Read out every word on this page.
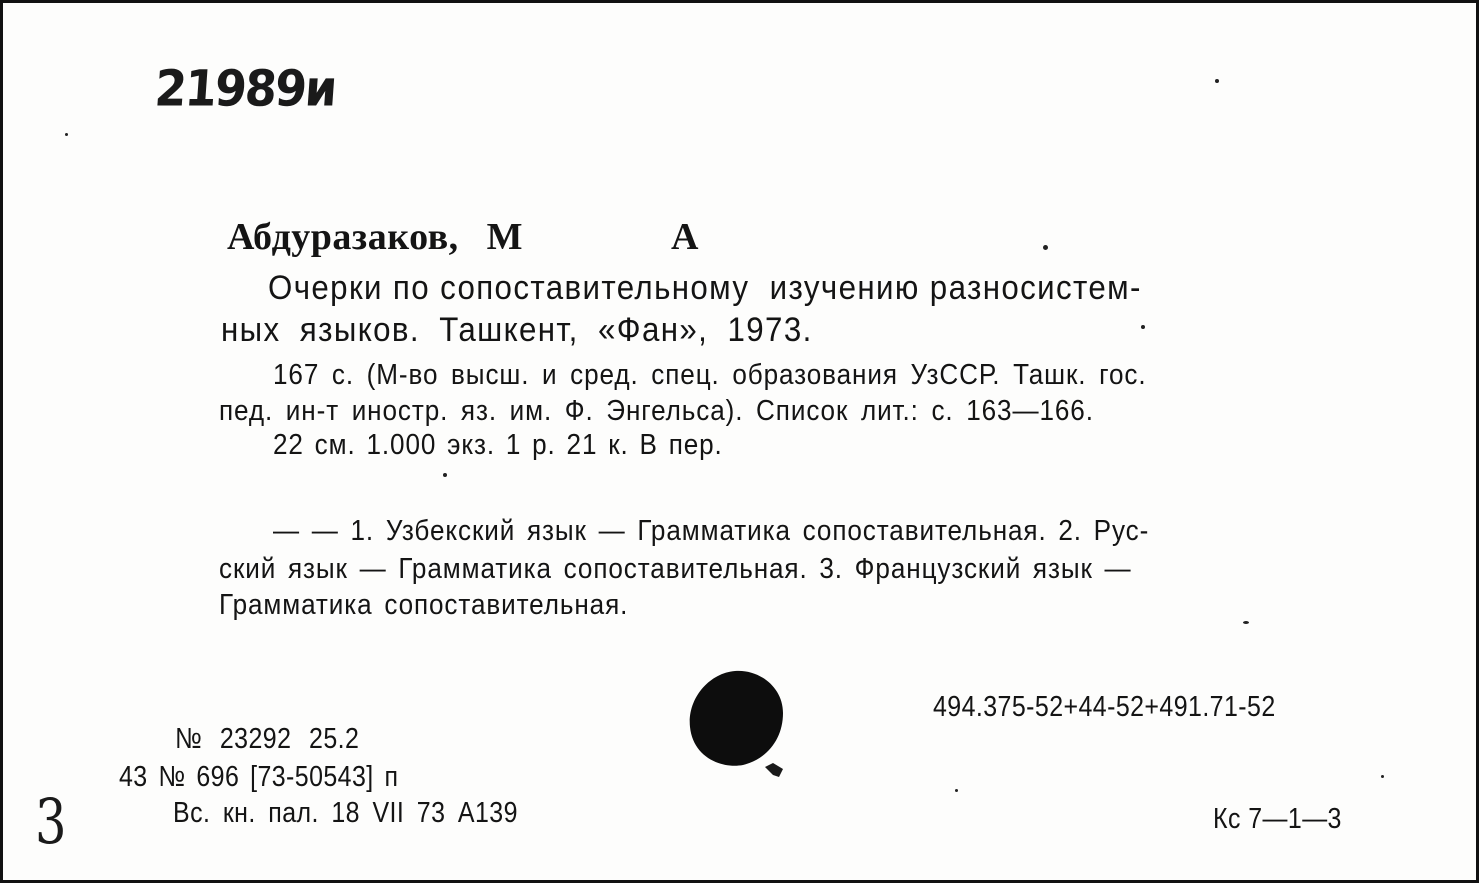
21989и
Абдуразаков, М	А
Очерки по сопоставительному изучению разносистем-
ных языков. Ташкент, «Фан», 1973.
167 с. (М-во высш. и сред. спец. образования УзССР. Ташк. гос.
пед. ин-т иностр. яз. им. Ф. Энгельса). Список лит.: с. 163—166.
22 см. 1.000 экз. 1 р. 21 к. В пер.
— — 1. Узбекский язык — Грамматика сопоставительная. 2. Рус-
ский язык — Грамматика сопоставительная. 3. Французский язык —
Грамматика сопоставительная.
№ 23292 25.2
43 № 696 [73-50543] п
Вс. кн. пал. 18 VII 73 А139
494.375-52+44-52+491.71-52
Кс 7—1—3
3
